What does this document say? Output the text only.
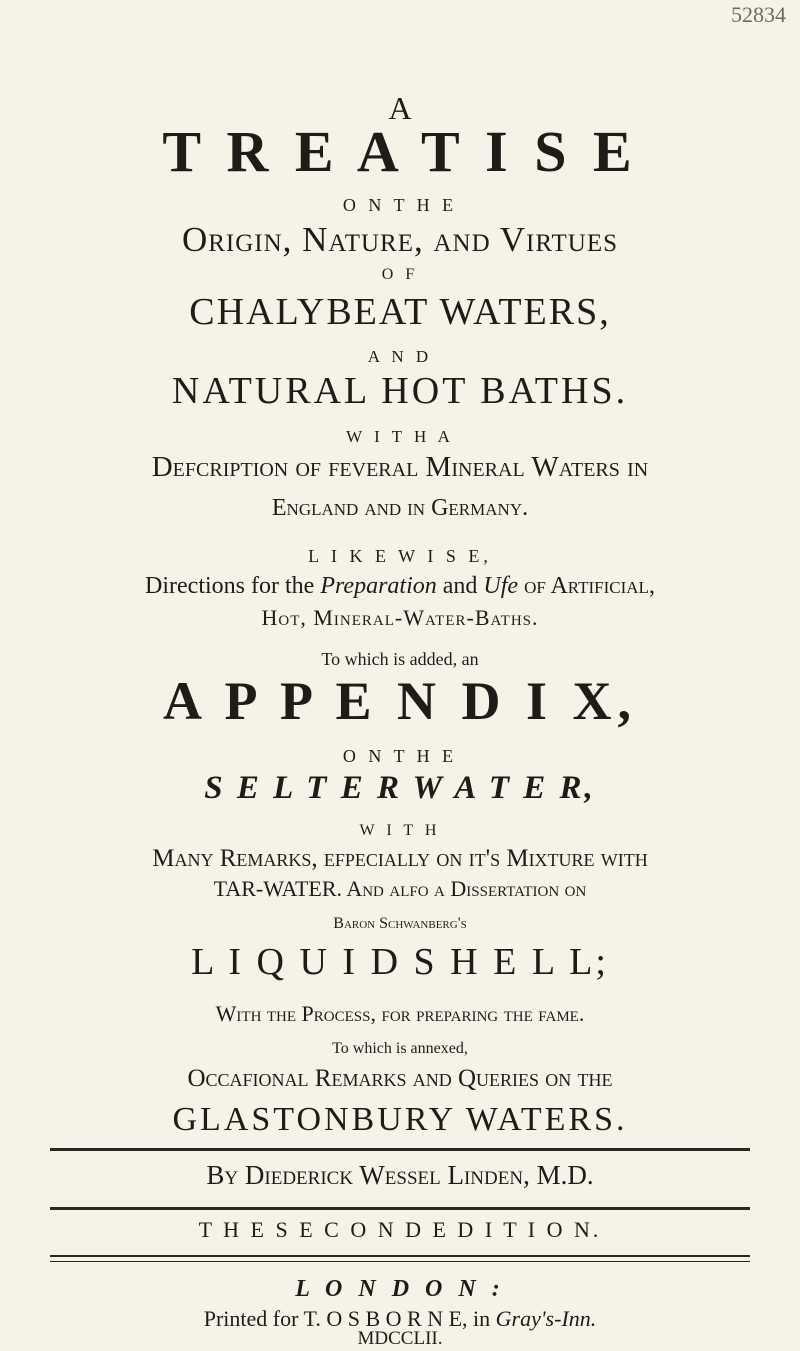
52834
A
T R E A T I S E
O N T H E
Origin, Nature, and Virtues
O F
CHALYBEAT WATERS,
A N D
NATURAL HOT BATHS.
W I T H A
Defcription of feveral Mineral Waters in
England and in Germany.
L I K E W I S E,
Directions for the Preparation and Ufe of Artificial,
Hot, Mineral-Water-Baths.
To which is added, an
A P P E N D I X,
O N T H E
S E L T E R W A T E R,
W I T H
Many Remarks, efpecially on it's Mixture with
TAR-WATER. And alfo a Dissertation on
Baron Schwanberg's
L I Q U I D S H E L L;
With the Process, for preparing the fame.
To which is annexed,
Occafional Remarks and Queries on the
GLASTONBURY WATERS.
By Diederick Wessel Linden, M.D.
T H E S E C O N D E D I T I O N.
L O N D O N :
Printed for T. O S B O R N E, in Gray's-Inn.
MDCCLII.
